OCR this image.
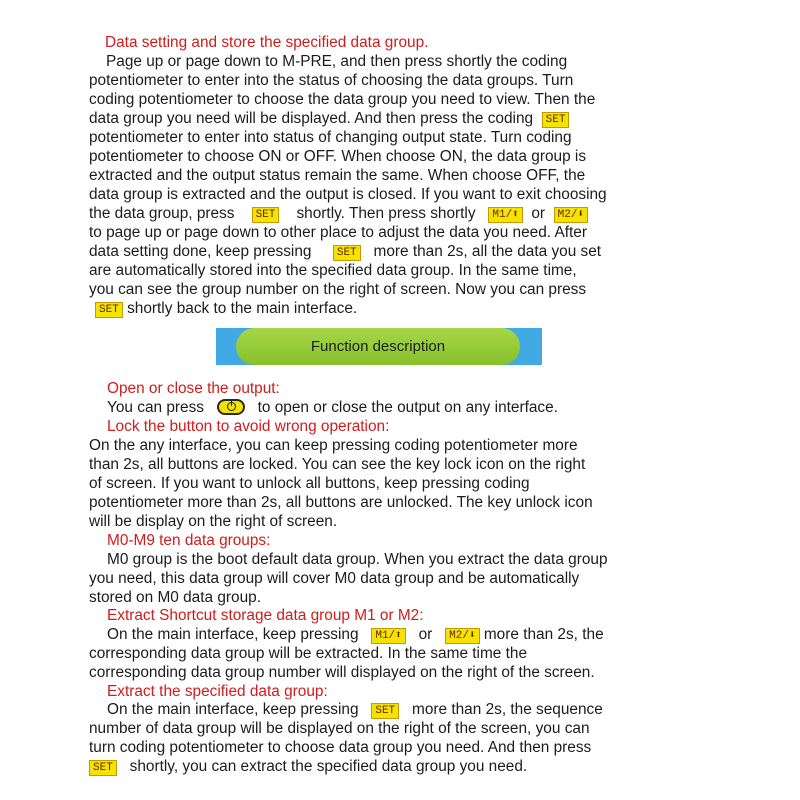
Data setting and store the specified data group.
Page up or page down to M-PRE, and then press shortly the coding
potentiometer to enter into the status of choosing the data groups. Turn
coding potentiometer to choose the data group you need to view. Then the
data group you need will be displayed. And then press the coding SET
potentiometer to enter into status of changing output state. Turn coding
potentiometer to choose ON or OFF. When choose ON, the data group is
extracted and the output status remain the same. When choose OFF, the
data group is extracted and the output is closed. If you want to exit choosing
the data group, press SET shortly. Then press shortly M1/⬆ or M2/⬇
to page up or page down to other place to adjust the data you need. After
data setting done, keep pressing SET more than 2s, all the data you set
are automatically stored into the specified data group. In the same time,
you can see the group number on the right of screen. Now you can press
SET shortly back to the main interface.
Function description
Open or close the output:
You can press	to open or close the output on any interface.
Lock the button to avoid wrong operation:
On the any interface, you can keep pressing coding potentiometer more
than 2s, all buttons are locked. You can see the key lock icon on the right
of screen. If you want to unlock all buttons, keep pressing coding
potentiometer more than 2s, all buttons are unlocked. The key unlock icon
will be display on the right of screen.
M0-M9 ten data groups:
M0 group is the boot default data group. When you extract the data group
you need, this data group will cover M0 data group and be automatically
stored on M0 data group.
Extract Shortcut storage data group M1 or M2:
On the main interface, keep pressing M1/⬆ or M2/⬇ more than 2s, the
corresponding data group will be extracted. In the same time the
corresponding data group number will displayed on the right of the screen.
Extract the specified data group:
On the main interface, keep pressing SET more than 2s, the sequence
number of data group will be displayed on the right of the screen, you can
turn coding potentiometer to choose data group you need. And then press
SET shortly, you can extract the specified data group you need.
